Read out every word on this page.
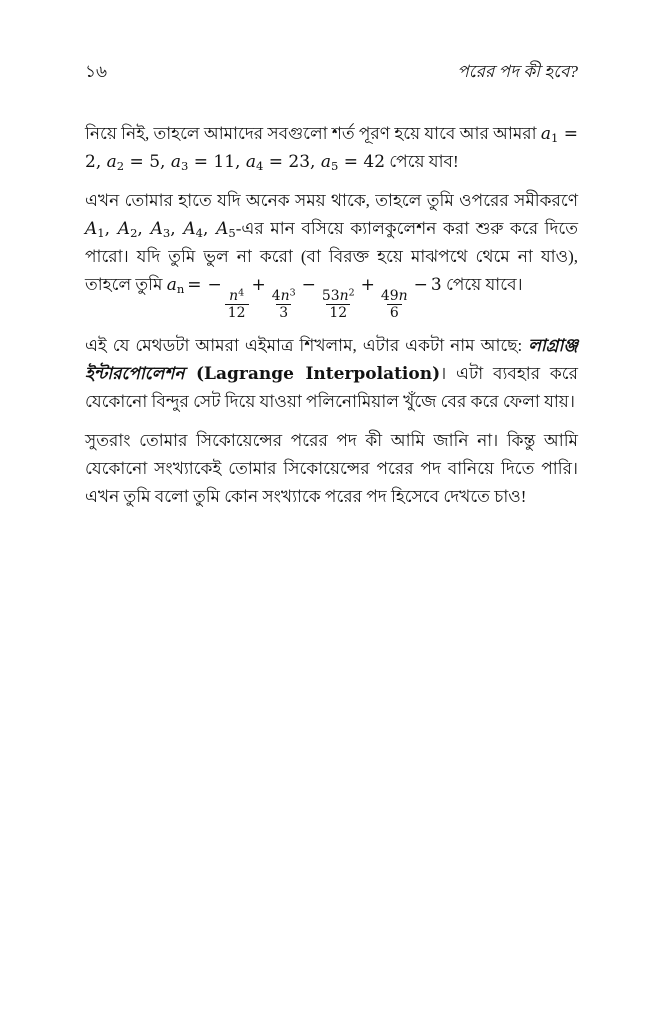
১৬	পরের পদ কী হবে?

নিয়ে নিই, তাহলে আমাদের সবগুলো শর্ত পূরণ হয়ে যাবে আর আমরা $a_1 = 2$, $a_2 = 5$, $a_3 = 11$, $a_4 = 23$, $a_5 = 42$ পেয়ে যাব!

এখন তোমার হাতে যদি অনেক সময় থাকে, তাহলে তুমি ওপরের সমীকরণে $A_1$, $A_2$, $A_3$, $A_4$, $A_5-এর$ মান বসিয়ে ক্যালকুলেশন করা শুরু করে দিতে পারো। যদি তুমি ভুল না করো (বা বিরক্ত হয়ে মাঝপথে থেমে না যাও), তাহলে তুমি $a_n$ = −
$\frac{n^4}{12}$
+
$\frac{4n^3}{3}$
−
$\frac{53n^2}{12}$
+
$\frac{49n}{6}$
− 3 পেয়ে যাবে।

এই যে মেথডটা আমরা এইমাত্র শিখলাম, এটার একটা নাম আছে: লাগ্রাঞ্জ ইন্টারপোলেশন (Lagrange Interpolation)। এটা ব্যবহার করে যেকোনো বিন্দুর সেট দিয়ে যাওয়া পলিনোমিয়াল খুঁজে বের করে ফেলা যায়।

সুতরাং তোমার সিকোয়েন্সের পরের পদ কী আমি জানি না। কিন্তু আমি যেকোনো সংখ্যাকেই তোমার সিকোয়েন্সের পরের পদ বানিয়ে দিতে পারি। এখন তুমি বলো তুমি কোন সংখ্যাকে পরের পদ হিসেবে দেখতে চাও!
